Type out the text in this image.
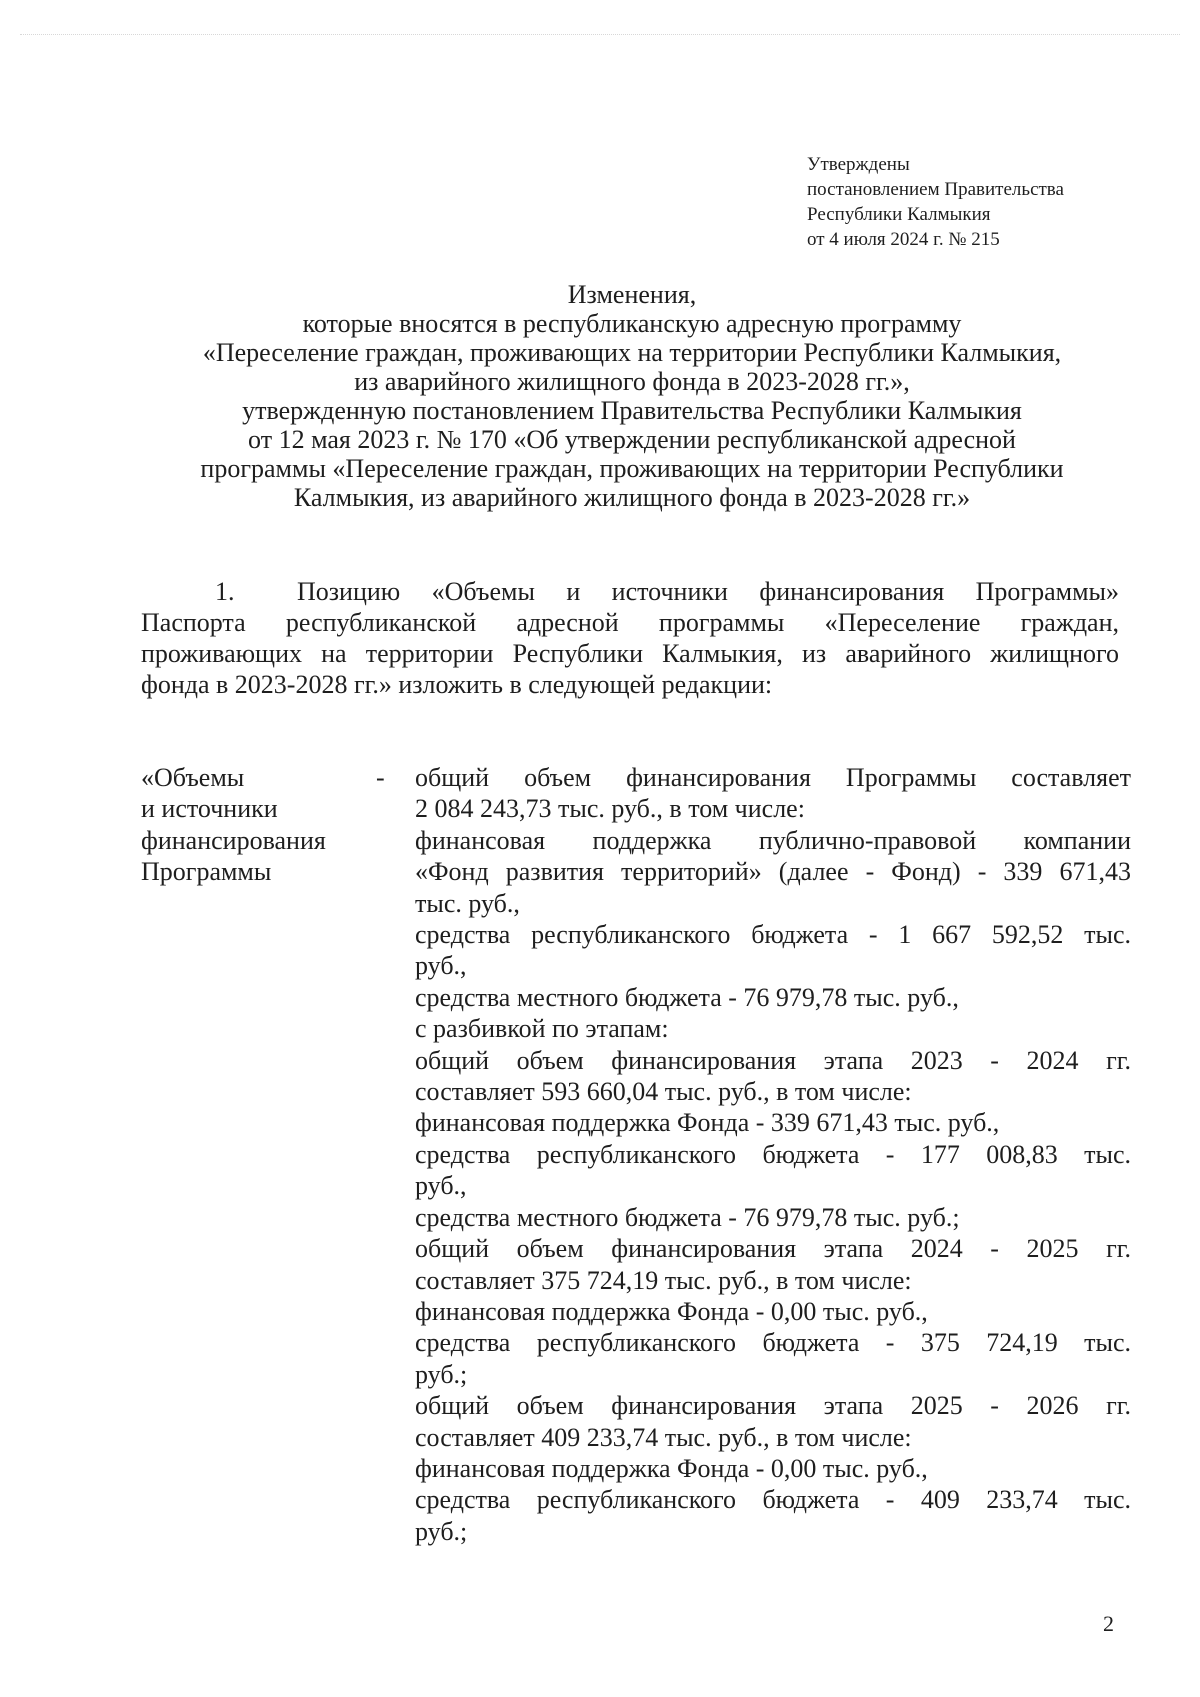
Утверждены
постановлением Правительства
Республики Калмыкия
от 4 июля 2024 г. № 215
Изменения,
которые вносятся в республиканскую адресную программу
«Переселение граждан, проживающих на территории Республики Калмыкия,
из аварийного жилищного фонда в 2023-2028 гг.»,
утвержденную постановлением Правительства Республики Калмыкия
от 12 мая 2023 г. № 170 «Об утверждении республиканской адресной
программы «Переселение граждан, проживающих на территории Республики
Калмыкия, из аварийного жилищного фонда в 2023-2028 гг.»
1. Позицию «Объемы и источники финансирования Программы»
Паспорта республиканской адресной программы «Переселение граждан,
проживающих на территории Республики Калмыкия, из аварийного жилищного
фонда в 2023-2028 гг.» изложить в следующей редакции:
«Объемы
и источники
финансирования
Программы
- общий объем финансирования Программы составляет
2 084 243,73 тыс. руб., в том числе:
финансовая поддержка публично-правовой компании
«Фонд развития территорий» (далее - Фонд) - 339 671,43
тыс. руб.,
средства республиканского бюджета - 1 667 592,52 тыс.
руб.,
средства местного бюджета - 76 979,78 тыс. руб.,
с разбивкой по этапам:
общий объем финансирования этапа 2023 - 2024 гг.
составляет 593 660,04 тыс. руб., в том числе:
финансовая поддержка Фонда - 339 671,43 тыс. руб.,
средства республиканского бюджета - 177 008,83 тыс.
руб.,
средства местного бюджета - 76 979,78 тыс. руб.;
общий объем финансирования этапа 2024 - 2025 гг.
составляет 375 724,19 тыс. руб., в том числе:
финансовая поддержка Фонда - 0,00 тыс. руб.,
средства республиканского бюджета - 375 724,19 тыс.
руб.;
общий объем финансирования этапа 2025 - 2026 гг.
составляет 409 233,74 тыс. руб., в том числе:
финансовая поддержка Фонда - 0,00 тыс. руб.,
средства республиканского бюджета - 409 233,74 тыс.
руб.;
2
